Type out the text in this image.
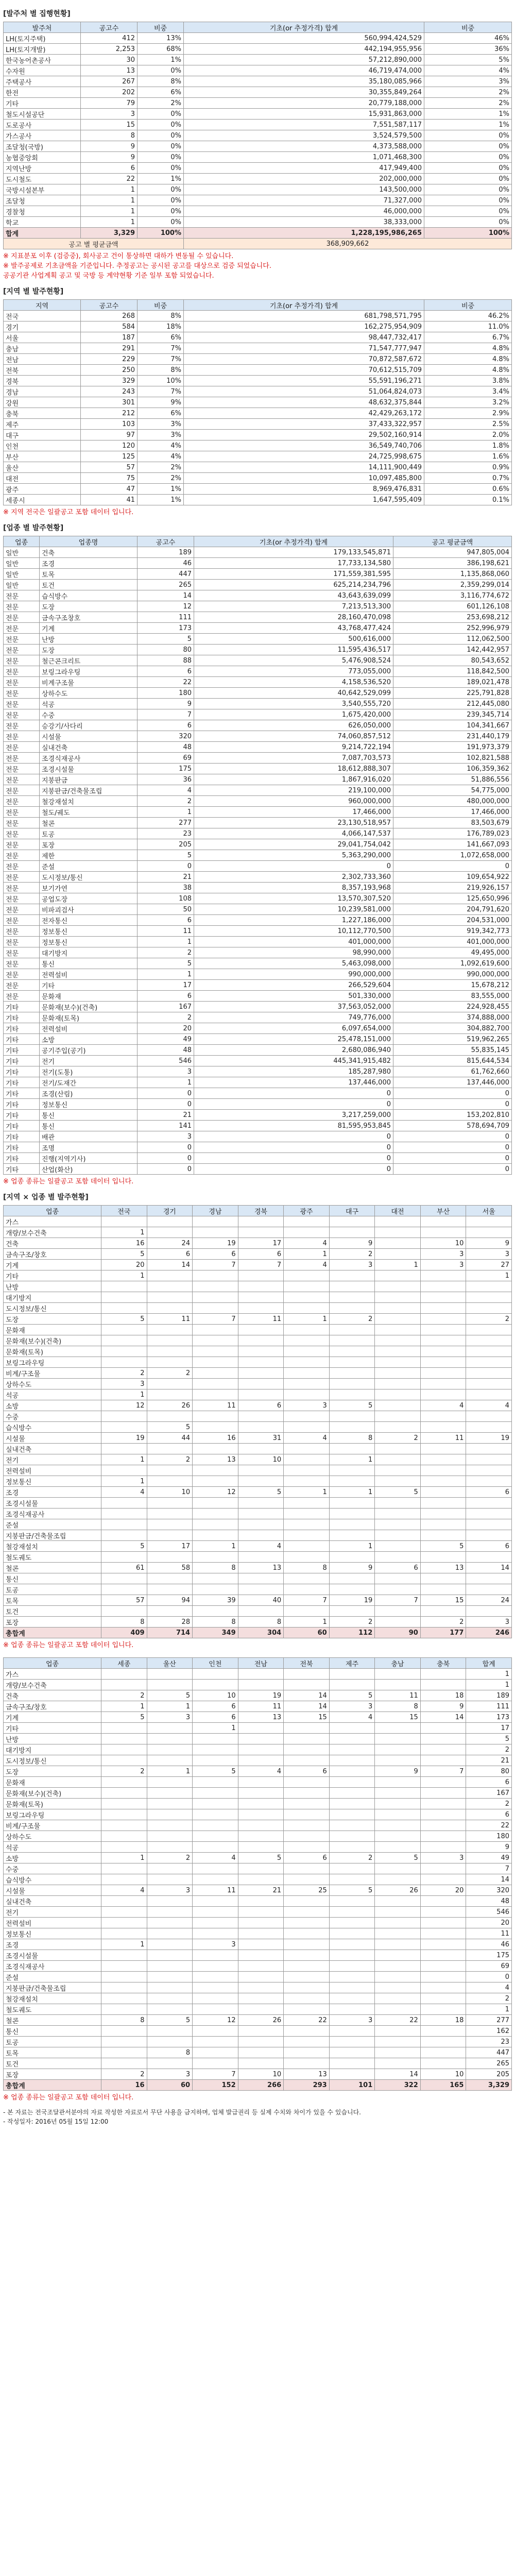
[발주처 별 집행현황]
발주처	공고수	비중	기초(or 추정가격) 합계	비중
LH(토지주택)	412	13%	560,994,424,529	46%
LH(토지개발)	2,253	68%	442,194,955,956	36%
한국농어촌공사	30	1%	57,212,890,000	5%
수자원	13	0%	46,719,474,000	4%
주택공사	267	8%	35,180,085,966	3%
한전	202	6%	30,355,849,264	2%
기타	79	2%	20,779,188,000	2%
철도시설공단	3	0%	15,931,863,000	1%
도로공사	15	0%	7,551,587,117	1%
가스공사	8	0%	3,524,579,500	0%
조달청(국방)	9	0%	4,373,588,000	0%
농협중앙회	9	0%	1,071,468,300	0%
지역난방	6	0%	417,949,400	0%
도시철도	22	1%	202,000,000	0%
국방시설본부	1	0%	143,500,000	0%
조달청	1	0%	71,327,000	0%
경찰청	1	0%	46,000,000	0%
학교	1	0%	38,333,000	0%
합계	3,329	100%	1,228,195,986,265	100%
공고 별 평균금액			368,909,662	
※ 지표분포 이후 (검증중), 회사공고 건이 통상하면 대하가 변동될 수 있습니다.
※ 발주공제로 기초금액을 기준입니다. 추정공고는 공시된 공고를 대상으로 검증 되었습니다.
공공기관 사업계획 공고 및 국방 등 계약현황 기준 일부 포함 되었습니다.
[지역 별 발주현황]
지역	공고수	비중	기초(or 추정가격) 합계	비중
전국	268	8%	681,798,571,795	46.2%
경기	584	18%	162,275,954,909	11.0%
서울	187	6%	98,447,732,417	6.7%
충남	291	7%	71,547,777,947	4.8%
전남	229	7%	70,872,587,672	4.8%
전북	250	8%	70,612,515,709	4.8%
경북	329	10%	55,591,196,271	3.8%
경남	243	7%	51,064,824,073	3.4%
강원	301	9%	48,632,375,844	3.2%
충북	212	6%	42,429,263,172	2.9%
제주	103	3%	37,433,322,957	2.5%
대구	97	3%	29,502,160,914	2.0%
인천	120	4%	36,549,740,706	1.8%
부산	125	4%	24,725,998,675	1.6%
울산	57	2%	14,111,900,449	0.9%
대전	75	2%	10,097,485,800	0.7%
광주	47	1%	8,969,476,831	0.6%
세종시	41	1%	1,647,595,409	0.1%
※ 지역 전국은 일괄공고 포함 데이터 입니다.
[업종 별 발주현황]
업종	업종명	공고수	기초(or 추정가격) 합계	공고 평균금액
일반	건축	189	179,133,545,871	947,805,004
일반	조경	46	17,733,134,580	386,198,621
일반	토목	447	171,559,381,595	1,135,868,060
일반	토건	265	625,214,234,796	2,359,299,014
전문	습식방수	14	43,643,639,099	3,116,774,672
전문	도장	12	7,213,513,300	601,126,108
전문	금속구조창호	111	28,160,470,098	253,698,212
전문	기계	173	43,768,477,424	252,996,979
전문	난방	5	500,616,000	112,062,500
전문	도장	80	11,595,436,517	142,442,957
전문	철근콘크리트	88	5,476,908,524	80,543,652
전문	보링그라우팅	6	773,055,000	118,842,500
전문	비계구조물	22	4,158,536,520	189,021,478
전문	상하수도	180	40,642,529,099	225,791,828
전문	석공	9	3,540,555,720	212,445,080
전문	수중	7	1,675,420,000	239,345,714
전문	승강기/사다리	6	626,050,000	104,341,667
전문	시설물	320	74,060,857,512	231,440,179
전문	실내건축	48	9,214,722,194	191,973,379
전문	조경식재공사	69	7,087,703,573	102,821,588
전문	조경시설물	175	18,612,888,307	106,359,362
전문	지붕판금	36	1,867,916,020	51,886,556
전문	지붕판금/건축물조립	4	219,100,000	54,775,000
전문	철강재설치	2	960,000,000	480,000,000
전문	철도/궤도	1	17,466,000	17,466,000
전문	철콘	277	23,130,518,957	83,503,679
전문	토공	23	4,066,147,537	176,789,023
전문	포장	205	29,041,754,042	141,667,093
전문	제한	5	5,363,290,000	1,072,658,000
전문	준설	0	0	0
전문	도시정보/통신	21	2,302,733,360	109,654,922
전문	보기가연	38	8,357,193,968	219,926,157
전문	공업도장	108	13,570,307,520	125,650,996
전문	비파괴검사	50	10,239,581,000	204,791,620
전문	전자통신	6	1,227,186,000	204,531,000
전문	정보통신	11	10,112,770,500	919,342,773
전문	정보통신	1	401,000,000	401,000,000
전문	대기방지	2	98,990,000	49,495,000
전문	통신	5	5,463,098,000	1,092,619,600
전문	전력설비	1	990,000,000	990,000,000
전문	기타	17	266,529,604	15,678,212
전문	문화재	6	501,330,000	83,555,000
기타	문화재(보수)(건축)	167	37,563,052,000	224,928,455
기타	문화재(토목)	2	749,776,000	374,888,000
기타	전력설비	20	6,097,654,000	304,882,700
기타	소방	49	25,478,151,000	519,962,265
기타	공기주입(공기)	48	2,680,086,940	55,835,145
기타	전기	546	445,341,915,482	815,644,534
기타	전기(도통)	3	185,287,980	61,762,660
기타	전기/도재간	1	137,446,000	137,446,000
기타	조경(산림)	0	0	0
기타	정보통신	0	0	0
기타	통신	21	3,217,259,000	153,202,810
기타	통신	141	81,595,953,845	578,694,709
기타	배관	3	0	0
기타	조명	0	0	0
기타	진행(지역기사)	0	0	0
기타	산업(화산)	0	0	0
※ 업종 종류는 일괄공고 포함 데이터 입니다.
[지역 × 업종 별 발주현황]
업종	전국	경기	경남	경북	광주	대구	대전	부산	서울
가스									
개량/보수건축	1								
건축	16	24	19	17	4	9		10	9
금속구조/창호	5	6	6	6	1	2		3	3
기계	20	14	7	7	4	3	1	3	27
기타	1								1
난방									
대기방지									
도시정보/통신									
도장	5	11	7	11	1	2			2
문화재									
문화재(보수)(건축)									
문화재(토목)									
보링그라우팅									
비계/구조물	2	2							
상하수도	3								
석공	1								
소방	12	26	11	6	3	5		4	4
수중									
습식방수		5							
시설물	19	44	16	31	4	8	2	11	19
실내건축									
전기	1	2	13	10		1			
전력설비									
정보통신	1								
조경	4	10	12	5	1	1	5		6
조경시설물									
조경식재공사									
준설									
지붕판금/건축물조립									
철강재설치	5	17	1	4		1		5	6
철도궤도									
철콘	61	58	8	13	8	9	6	13	14
통신									
토공									
토목	57	94	39	40	7	19	7	15	24
토건									
포장	8	28	8	8	1	2		2	3
총합계	409	714	349	304	60	112	90	177	246
※ 업종 종류는 일괄공고 포함 데이터 입니다.
업종	세종	울산	인천	전남	전북	제주	충남	충북	합계
가스									1
개량/보수건축									1
건축	2	5	10	19	14	5	11	18	189
금속구조/창호	1	1	6	11	14	3	8	9	111
기계	5	3	6	13	15	4	15	14	173
기타			1						17
난방									5
대기방지									2
도시정보/통신									21
도장	2	1	5	4	6		9	7	80
문화재									6
문화재(보수)(건축)									167
문화재(토목)									2
보링그라우팅									6
비계/구조물									22
상하수도									180
석공									9
소방	1	2	4	5	6	2	5	3	49
수중									7
습식방수									14
시설물	4	3	11	21	25	5	26	20	320
실내건축									48
전기									546
전력설비									20
정보통신									11
조경	1		3						46
조경시설물									175
조경식재공사									69
준설									0
지붕판금/건축물조립									4
철강재설치									2
철도궤도									1
철콘	8	5	12	26	22	3	22	18	277
통신									162
토공									23
토목		8							447
토건									265
포장	2	3	7	10	13		14	10	205
총합계	16	60	152	266	293	101	322	165	3,329
※ 업종 종류는 일괄공고 포함 데이터 입니다.
- 본 자료는 전국조달관서분야의 자료 작성한 자료로서 무단 사용을 금지하며, 업체 발급권리 등 실제 수치와 차이가 있을 수 있습니다.
- 작성일자: 2016년 05월 15일 12:00
